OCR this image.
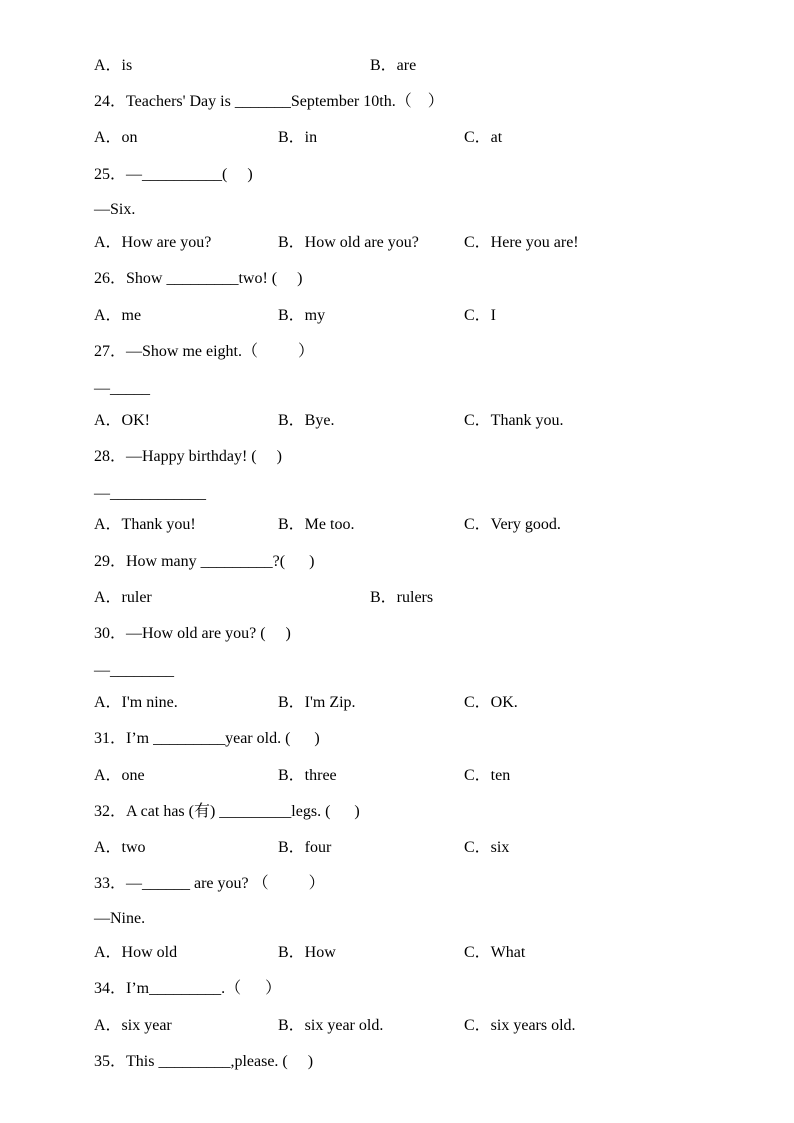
A．is	B．are
24．Teachers' Day is _______September 10th.（    ）
A．on	B．in	C．at
25．—__________(     )
—Six.
A．How are you?	B．How old are you?	C．Here you are!
26．Show _________two! (     )
A．me	B．my	C．I
27．—Show me eight.（          ）
—_____
A．OK!	B．Bye.	C．Thank you.
28．—Happy birthday! (     )
—____________
A．Thank you!	B．Me too.	C．Very good.
29．How many _________?(      )
A．ruler	B．rulers
30．—How old are you? (     )
—________
A．I'm nine.	B．I'm Zip.	C．OK.
31．I’m _________year old. (      )
A．one	B．three	C．ten
32．A cat has (有) _________legs. (      )
A．two	B．four	C．six
33．—______ are you? （          ）
—Nine.
A．How old	B．How	C．What
34．I’m_________.（      ）
A．six year	B．six year old.	C．six years old.
35．This _________,please. (     )
